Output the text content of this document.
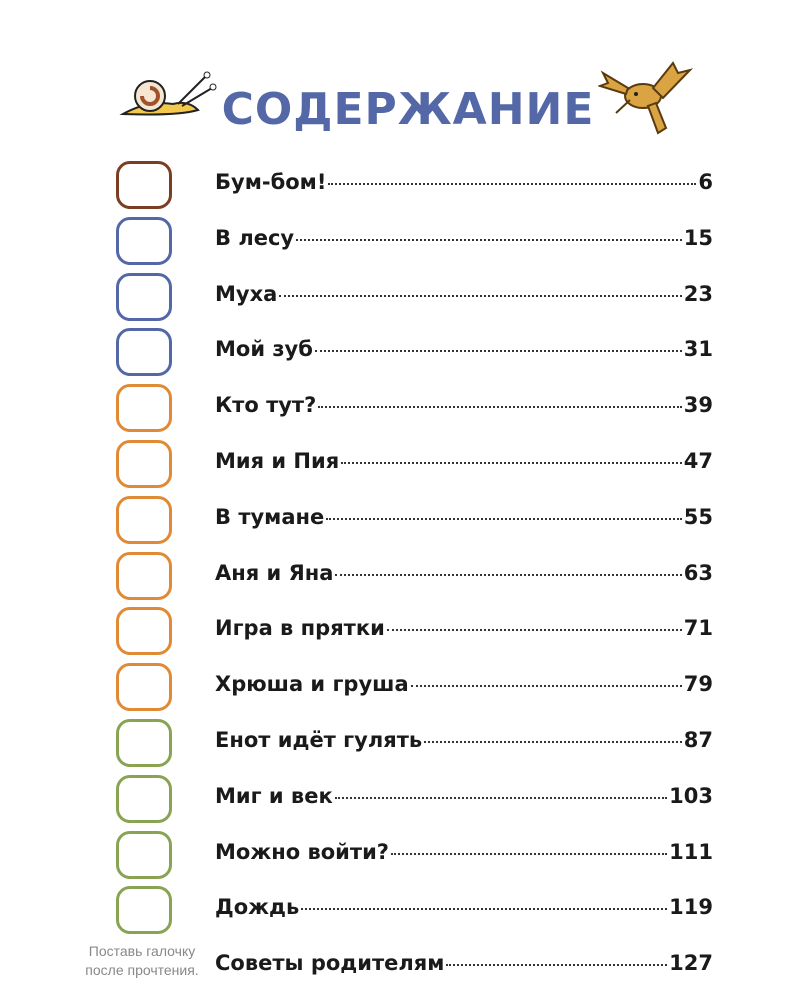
СОДЕРЖАНИЕ
Бум-бом!	6
В лесу	15
Муха	23
Мой зуб	31
Кто тут?	39
Мия и Пия	47
В тумане	55
Аня и Яна	63
Игра в прятки	71
Хрюша и груша	79
Енот идёт гулять	87
Миг и век	103
Можно войти?	111
Дождь	119
Советы родителям	127
Поставь галочку после прочтения.
